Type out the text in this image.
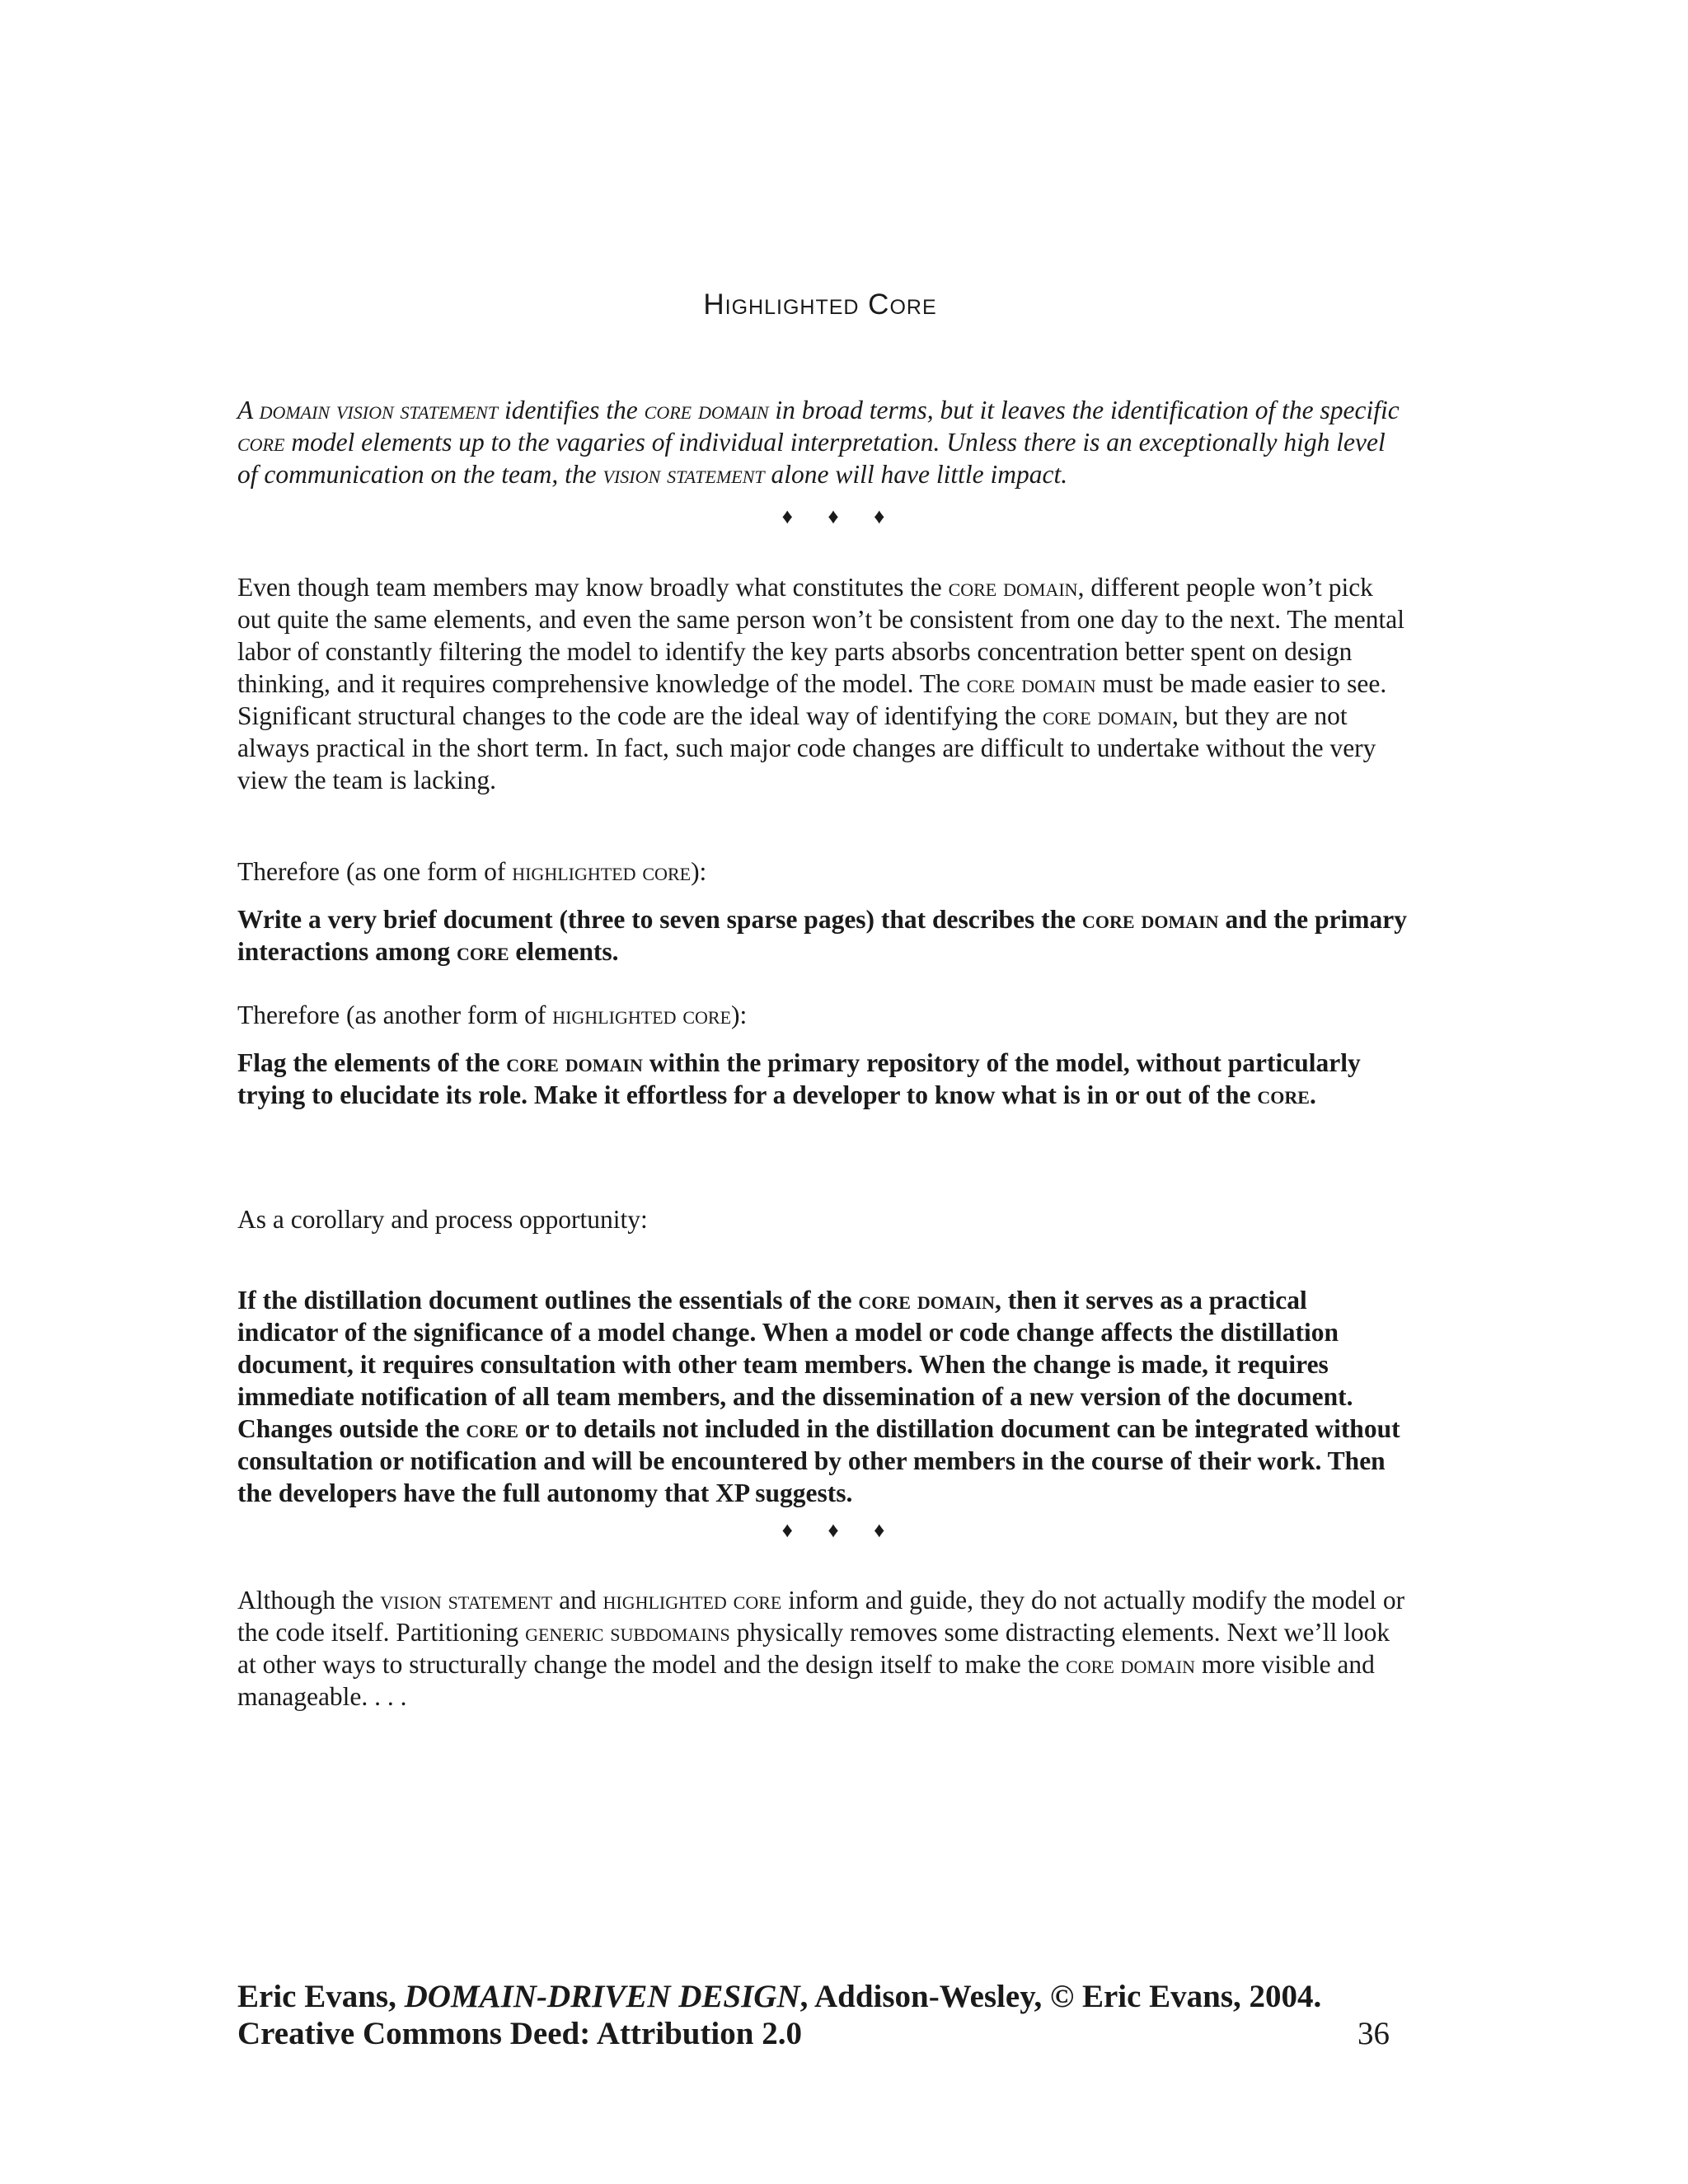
Highlighted Core
A domain vision statement identifies the core domain in broad terms, but it leaves the identification of the specific core model elements up to the vagaries of individual interpretation. Unless there is an exceptionally high level of communication on the team, the vision statement alone will have little impact.
♦ ♦ ♦
Even though team members may know broadly what constitutes the core domain, different people won’t pick out quite the same elements, and even the same person won’t be consistent from one day to the next. The mental labor of constantly filtering the model to identify the key parts absorbs concentration better spent on design thinking, and it requires comprehensive knowledge of the model. The core domain must be made easier to see.
Significant structural changes to the code are the ideal way of identifying the core domain, but they are not always practical in the short term. In fact, such major code changes are difficult to undertake without the very view the team is lacking.
Therefore (as one form of highlighted core):
Write a very brief document (three to seven sparse pages) that describes the core domain and the primary interactions among core elements.
Therefore (as another form of highlighted core):
Flag the elements of the core domain within the primary repository of the model, without particularly trying to elucidate its role. Make it effortless for a developer to know what is in or out of the core.
As a corollary and process opportunity:
If the distillation document outlines the essentials of the core domain, then it serves as a practical indicator of the significance of a model change. When a model or code change affects the distillation document, it requires consultation with other team members. When the change is made, it requires immediate notification of all team members, and the dissemination of a new version of the document. Changes outside the core or to details not included in the distillation document can be integrated without consultation or notification and will be encountered by other members in the course of their work. Then the developers have the full autonomy that XP suggests.
♦ ♦ ♦
Although the vision statement and highlighted core inform and guide, they do not actually modify the model or the code itself. Partitioning generic subdomains physically removes some distracting elements. Next we’ll look at other ways to structurally change the model and the design itself to make the core domain more visible and manageable. . . .
Eric Evans, DOMAIN-DRIVEN DESIGN, Addison-Wesley, © Eric Evans, 2004.
Creative Commons Deed: Attribution 2.0	36
